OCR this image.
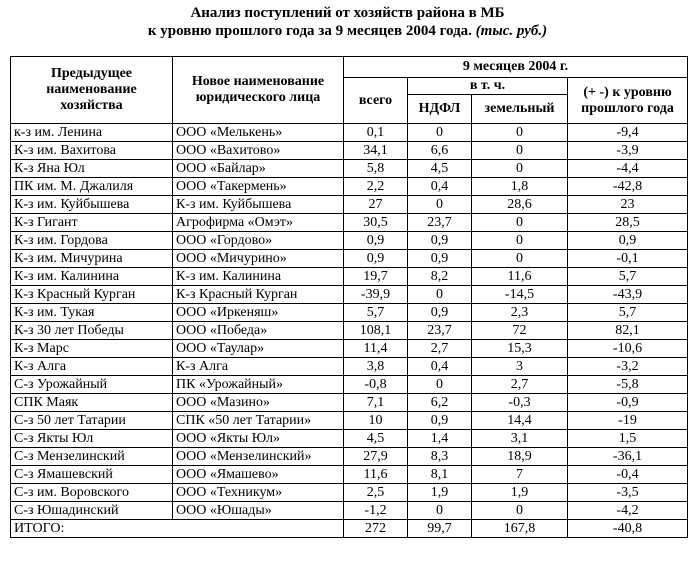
Анализ поступлений от хозяйств района в МБ
к уровню прошлого года за 9 месяцев 2004 года. (тыс. руб.)
Предыдущее наименование хозяйства	Новое наименование юридического лица	9 месяцев 2004 г.			
		всего	в т. ч.		(+ -) к уровню прошлого года
			НДФЛ	земельный	
к-з им. Ленина	ООО «Мелькень»	0,1	0	0	-9,4
К-з им. Вахитова	ООО «Вахитово»	34,1	6,6	0	-3,9
К-з Яна Юл	ООО «Байлар»	5,8	4,5	0	-4,4
ПК им. М. Джалиля	ООО «Такермень»	2,2	0,4	1,8	-42,8
К-з им. Куйбышева	К-з им. Куйбышева	27	0	28,6	23
К-з Гигант	Агрофирма «Омэт»	30,5	23,7	0	28,5
К-з им. Гордова	ООО «Гордово»	0,9	0,9	0	0,9
К-з им. Мичурина	ООО «Мичурино»	0,9	0,9	0	-0,1
К-з им. Калинина	К-з им. Калинина	19,7	8,2	11,6	5,7
К-з Красный Курган	К-з Красный Курган	-39,9	0	-14,5	-43,9
К-з им. Тукая	ООО «Иркеняш»	5,7	0,9	2,3	5,7
К-з 30 лет Победы	ООО «Победа»	108,1	23,7	72	82,1
К-з Марс	ООО «Таулар»	11,4	2,7	15,3	-10,6
К-з Алга	К-з Алга	3,8	0,4	3	-3,2
С-з Урожайный	ПК «Урожайный»	-0,8	0	2,7	-5,8
СПК Маяк	ООО «Мазино»	7,1	6,2	-0,3	-0,9
С-з 50 лет Татарии	СПК «50 лет Татарии»	10	0,9	14,4	-19
С-з Якты Юл	ООО «Якты Юл»	4,5	1,4	3,1	1,5
С-з Мензелинский	ООО «Мензелинский»	27,9	8,3	18,9	-36,1
С-з Ямашевский	ООО «Ямашево»	11,6	8,1	7	-0,4
С-з им. Воровского	ООО «Техникум»	2,5	1,9	1,9	-3,5
С-з Юшадинский	ООО «Юшады»	-1,2	0	0	-4,2
ИТОГО:		272	99,7	167,8	-40,8
